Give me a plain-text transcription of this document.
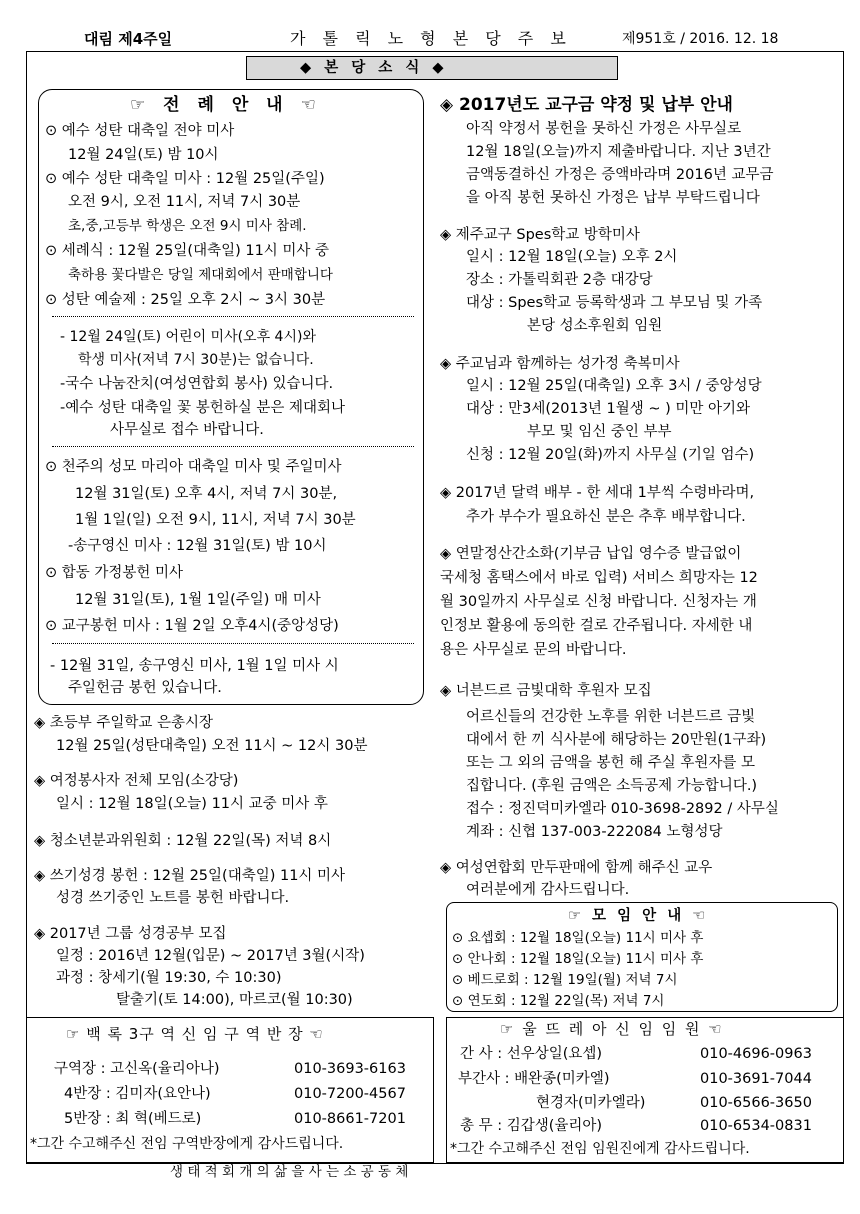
대림 제4주일	가 톨 릭 노 형 본 당 주 보	제951호 / 2016. 12. 18
◆ 본 당 소 식 ◆
☞ 전 례 안 내 ☜
⊙ 예수 성탄 대축일 전야 미사
12월 24일(토) 밤 10시
⊙ 예수 성탄 대축일 미사 : 12월 25일(주일)
오전 9시, 오전 11시, 저녁 7시 30분
초,중,고등부 학생은 오전 9시 미사 참례.
⊙ 세례식 : 12월 25일(대축일) 11시 미사 중
축하용 꽃다발은 당일 제대회에서 판매합니다
⊙ 성탄 예술제 : 25일 오후 2시 ~ 3시 30분
- 12월 24일(토) 어린이 미사(오후 4시)와
학생 미사(저녁 7시 30분)는 없습니다.
-국수 나눔잔치(여성연합회 봉사) 있습니다.
-예수 성탄 대축일 꽃 봉헌하실 분은 제대회나
사무실로 접수 바랍니다.
⊙ 천주의 성모 마리아 대축일 미사 및 주일미사
12월 31일(토) 오후 4시, 저녁 7시 30분,
1월 1일(일) 오전 9시, 11시, 저녁 7시 30분
-송구영신 미사 : 12월 31일(토) 밤 10시
⊙ 합동 가정봉헌 미사
12월 31일(토), 1월 1일(주일) 매 미사
⊙ 교구봉헌 미사 : 1월 2일 오후4시(중앙성당)
- 12월 31일, 송구영신 미사, 1월 1일 미사 시
주일헌금 봉헌 있습니다.
◈ 초등부 주일학교 은총시장
12월 25일(성탄대축일) 오전 11시 ~ 12시 30분
◈ 여정봉사자 전체 모임(소강당)
일시 : 12월 18일(오늘) 11시 교중 미사 후
◈ 청소년분과위원회 : 12월 22일(목) 저녁 8시
◈ 쓰기성경 봉헌 : 12월 25일(대축일) 11시 미사
성경 쓰기중인 노트를 봉헌 바랍니다.
◈ 2017년 그룹 성경공부 모집
일정 : 2016년 12월(입문) ~ 2017년 3월(시작)
과정 : 창세기(월 19:30, 수 10:30)
탈출기(토 14:00), 마르코(월 10:30)
◈ 2017년도 교구금 약정 및 납부 안내
아직 약정서 봉헌을 못하신 가정은 사무실로
12월 18일(오늘)까지 제출바랍니다. 지난 3년간
금액동결하신 가정은 증액바라며 2016년 교무금
을 아직 봉헌 못하신 가정은 납부 부탁드립니다
◈ 제주교구 Spes학교 방학미사
일시 : 12월 18일(오늘) 오후 2시
장소 : 가톨릭회관 2층 대강당
대상 : Spes학교 등록학생과 그 부모님 및 가족
본당 성소후원회 임원
◈ 주교님과 함께하는 성가정 축복미사
일시 : 12월 25일(대축일) 오후 3시 / 중앙성당
대상 : 만3세(2013년 1월생 ~ ) 미만 아기와
부모 및 임신 중인 부부
신청 : 12월 20일(화)까지 사무실 (기일 엄수)
◈ 2017년 달력 배부 - 한 세대 1부씩 수령바라며,
추가 부수가 필요하신 분은 추후 배부합니다.
◈ 연말정산간소화(기부금 납입 영수증 발급없이
국세청 홈택스에서 바로 입력) 서비스 희망자는 12
월 30일까지 사무실로 신청 바랍니다. 신청자는 개
인정보 활용에 동의한 걸로 간주됩니다. 자세한 내
용은 사무실로 문의 바랍니다.
◈ 너븐드르 금빛대학 후원자 모집
어르신들의 건강한 노후를 위한 너븐드르 금빛
대에서 한 끼 식사분에 해당하는 20만원(1구좌)
또는 그 외의 금액을 봉헌 해 주실 후원자를 모
집합니다. (후원 금액은 소득공제 가능합니다.)
접수 : 정진덕미카엘라 010-3698-2892 / 사무실
계좌 : 신협 137-003-222084 노형성당
◈ 여성연합회 만두판매에 함께 해주신 교우
여러분에게 감사드립니다.
☞ 모 임 안 내 ☜
⊙ 요셉회 : 12월 18일(오늘) 11시 미사 후
⊙ 안나회 : 12월 18일(오늘) 11시 미사 후
⊙ 베드로회 : 12월 19일(월) 저녁 7시
⊙ 연도회 : 12월 22일(목) 저녁 7시
☞ 백 록 3구 역 신 임 구 역 반 장 ☜
구역장 : 고신옥(율리아나)	010-3693-6163
4반장 : 김미자(요안나)	010-7200-4567
5반장 : 최 혁(베드로)	010-8661-7201
*그간 수고해주신 전임 구역반장에게 감사드립니다.
☞ 울 뜨 레 아 신 임 임 원 ☜
간 사 : 선우상일(요셉)	010-4696-0963
부간사 : 배완종(미카엘)	010-3691-7044
현경자(미카엘라)	010-6566-3650
총 무 : 김갑생(율리아)	010-6534-0831
*그간 수고해주신 전임 임원진에게 감사드립니다.
생 태 적 회 개 의 삶 을 사 는 소 공 동 체
